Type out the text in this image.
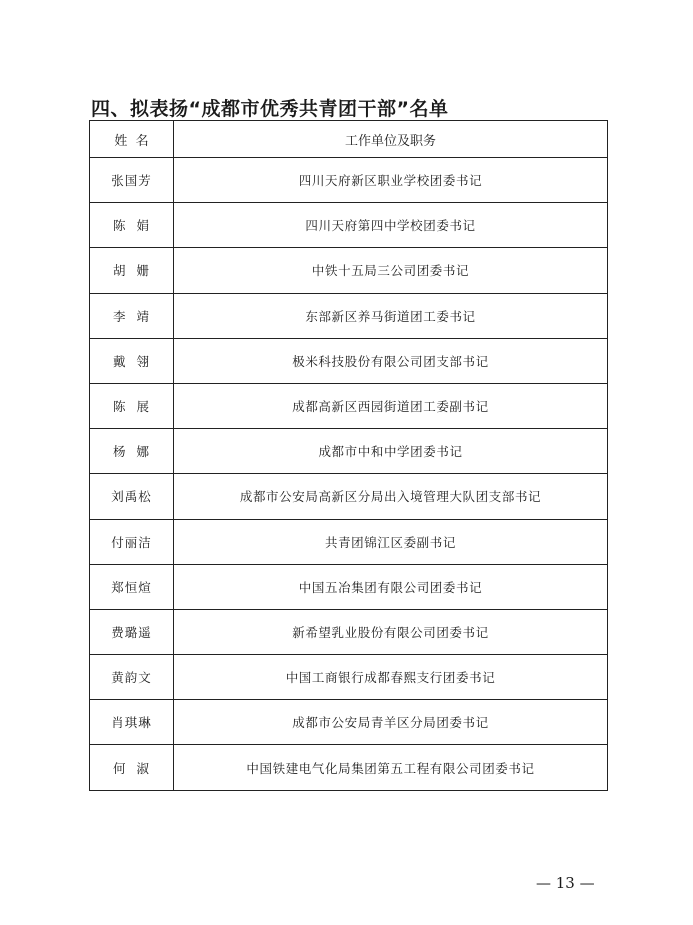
四、拟表扬“成都市优秀共青团干部”名单
姓  名	工作单位及职务
张国芳	四川天府新区职业学校团委书记
陈  娟	四川天府第四中学校团委书记
胡  姗	中铁十五局三公司团委书记
李  靖	东部新区养马街道团工委书记
戴  翎	极米科技股份有限公司团支部书记
陈  展	成都高新区西园街道团工委副书记
杨  娜	成都市中和中学团委书记
刘禹松	成都市公安局高新区分局出入境管理大队团支部书记
付丽洁	共青团锦江区委副书记
郑恒煊	中国五冶集团有限公司团委书记
费璐遥	新希望乳业股份有限公司团委书记
黄韵文	中国工商银行成都春熙支行团委书记
肖琪琳	成都市公安局青羊区分局团委书记
何  淑	中国铁建电气化局集团第五工程有限公司团委书记
— 13 —
